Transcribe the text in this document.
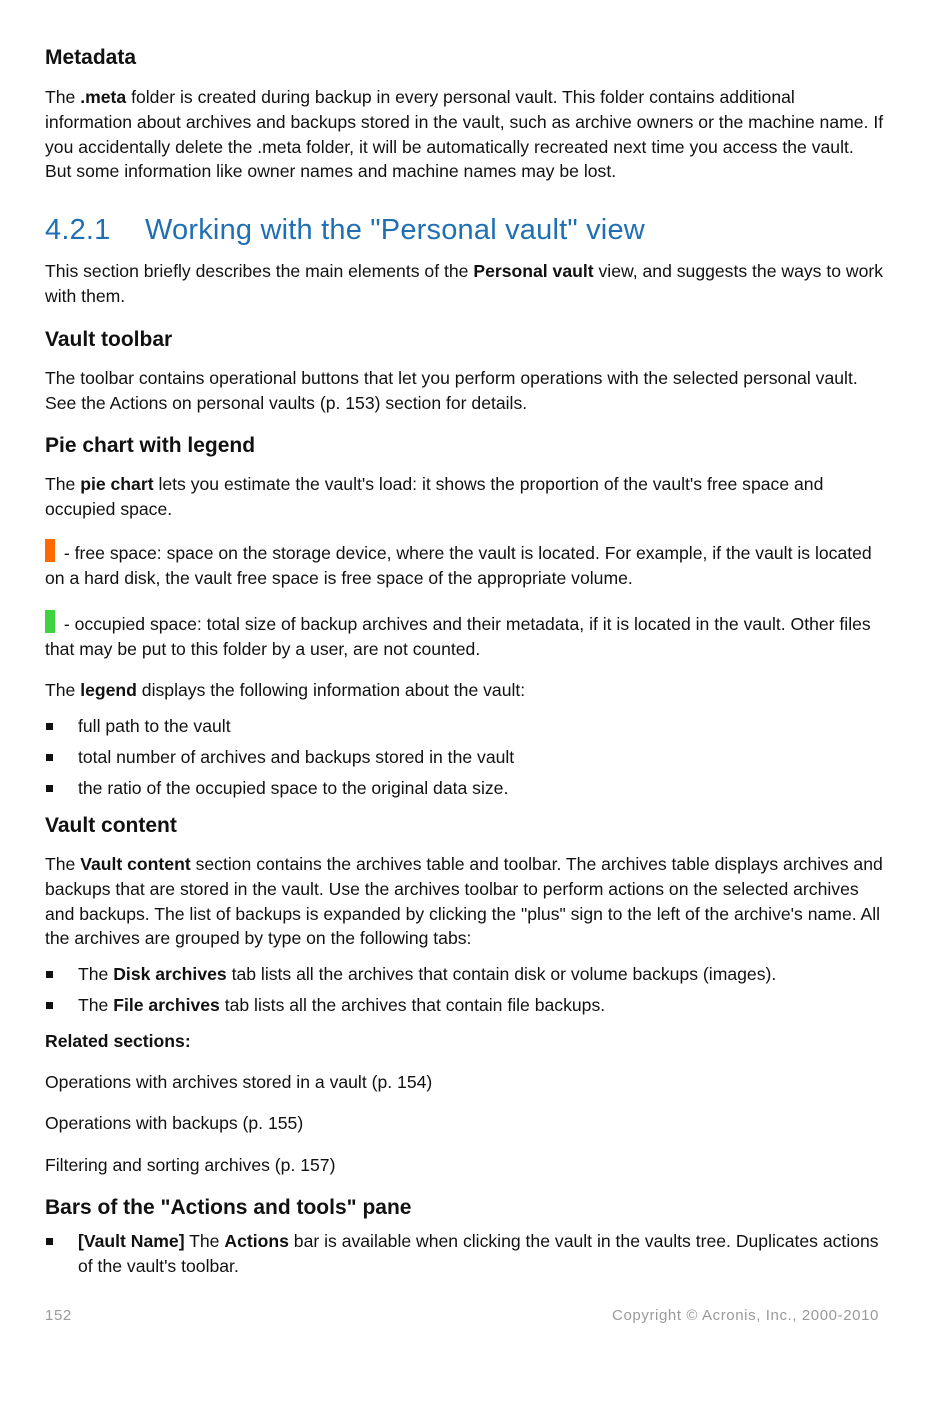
Metadata

The .meta folder is created during backup in every personal vault. This folder contains additional information about archives and backups stored in the vault, such as archive owners or the machine name. If you accidentally delete the .meta folder, it will be automatically recreated next time you access the vault. But some information like owner names and machine names may be lost.

4.2.1 Working with the "Personal vault" view

This section briefly describes the main elements of the Personal vault view, and suggests the ways to work with them.

Vault toolbar

The toolbar contains operational buttons that let you perform operations with the selected personal vault. See the Actions on personal vaults (p. 153) section for details.

Pie chart with legend

The pie chart lets you estimate the vault's load: it shows the proportion of the vault's free space and occupied space.

- free space: space on the storage device, where the vault is located. For example, if the vault is located on a hard disk, the vault free space is free space of the appropriate volume.

- occupied space: total size of backup archives and their metadata, if it is located in the vault. Other files that may be put to this folder by a user, are not counted.

The legend displays the following information about the vault:

full path to the vault
total number of archives and backups stored in the vault
the ratio of the occupied space to the original data size.
Vault content

The Vault content section contains the archives table and toolbar. The archives table displays archives and backups that are stored in the vault. Use the archives toolbar to perform actions on the selected archives and backups. The list of backups is expanded by clicking the "plus" sign to the left of the archive's name. All the archives are grouped by type on the following tabs:

The Disk archives tab lists all the archives that contain disk or volume backups (images).
The File archives tab lists all the archives that contain file backups.

Related sections:

Operations with archives stored in a vault (p. 154)

Operations with backups (p. 155)

Filtering and sorting archives (p. 157)

Bars of the "Actions and tools" pane
[Vault Name] The Actions bar is available when clicking the vault in the vaults tree. Duplicates actions of the vault's toolbar.
152	Copyright © Acronis, Inc., 2000-2010
